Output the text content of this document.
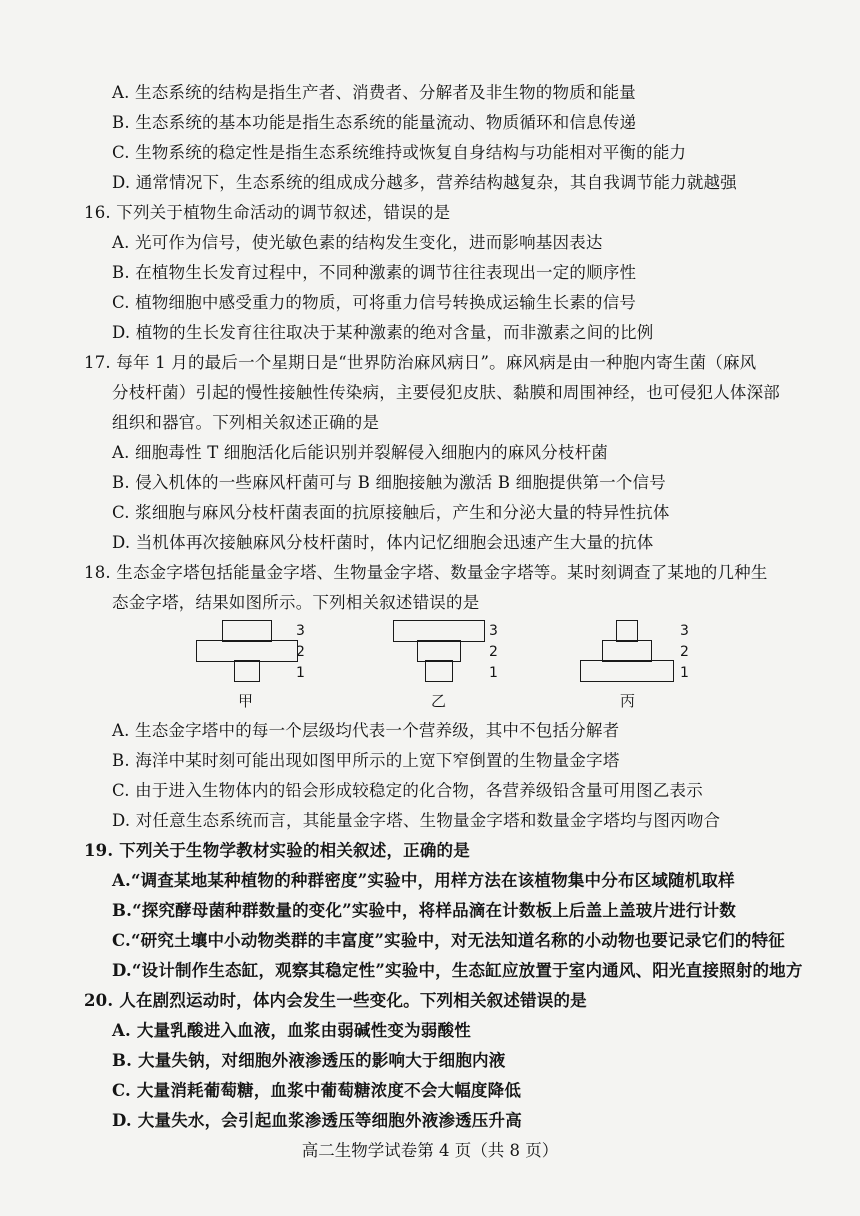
A. 生态系统的结构是指生产者、消费者、分解者及非生物的物质和能量
B. 生态系统的基本功能是指生态系统的能量流动、物质循环和信息传递
C. 生物系统的稳定性是指生态系统维持或恢复自身结构与功能相对平衡的能力
D. 通常情况下，生态系统的组成成分越多，营养结构越复杂，其自我调节能力就越强
16. 下列关于植物生命活动的调节叙述，错误的是
A. 光可作为信号，使光敏色素的结构发生变化，进而影响基因表达
B. 在植物生长发育过程中，不同种激素的调节往往表现出一定的顺序性
C. 植物细胞中感受重力的物质，可将重力信号转换成运输生长素的信号
D. 植物的生长发育往往取决于某种激素的绝对含量，而非激素之间的比例
17. 每年 1 月的最后一个星期日是“世界防治麻风病日”。麻风病是由一种胞内寄生菌（麻风
分枝杆菌）引起的慢性接触性传染病，主要侵犯皮肤、黏膜和周围神经，也可侵犯人体深部
组织和器官。下列相关叙述正确的是
A. 细胞毒性 T 细胞活化后能识别并裂解侵入细胞内的麻风分枝杆菌
B. 侵入机体的一些麻风杆菌可与 B 细胞接触为激活 B 细胞提供第一个信号
C. 浆细胞与麻风分枝杆菌表面的抗原接触后，产生和分泌大量的特异性抗体
D. 当机体再次接触麻风分枝杆菌时，体内记忆细胞会迅速产生大量的抗体
18. 生态金字塔包括能量金字塔、生物量金字塔、数量金字塔等。某时刻调查了某地的几种生
态金字塔，结果如图所示。下列相关叙述错误的是
A. 生态金字塔中的每一个层级均代表一个营养级，其中不包括分解者
B. 海洋中某时刻可能出现如图甲所示的上宽下窄倒置的生物量金字塔
C. 由于进入生物体内的铅会形成较稳定的化合物，各营养级铅含量可用图乙表示
D. 对任意生态系统而言，其能量金字塔、生物量金字塔和数量金字塔均与图丙吻合
19. 下列关于生物学教材实验的相关叙述，正确的是
A.“调查某地某种植物的种群密度”实验中，用样方法在该植物集中分布区域随机取样
B.“探究酵母菌种群数量的变化”实验中，将样品滴在计数板上后盖上盖玻片进行计数
C.“研究土壤中小动物类群的丰富度”实验中，对无法知道名称的小动物也要记录它们的特征
D.“设计制作生态缸，观察其稳定性”实验中，生态缸应放置于室内通风、阳光直接照射的地方
20. 人在剧烈运动时，体内会发生一些变化。下列相关叙述错误的是
A. 大量乳酸进入血液，血浆由弱碱性变为弱酸性
B. 大量失钠，对细胞外液渗透压的影响大于细胞内液
C. 大量消耗葡萄糖，血浆中葡萄糖浓度不会大幅度降低
D. 大量失水，会引起血浆渗透压等细胞外液渗透压升高
3
2
1
甲
3
2
1
乙
3
2
1
丙
高二生物学试卷第 4 页（共 8 页）
